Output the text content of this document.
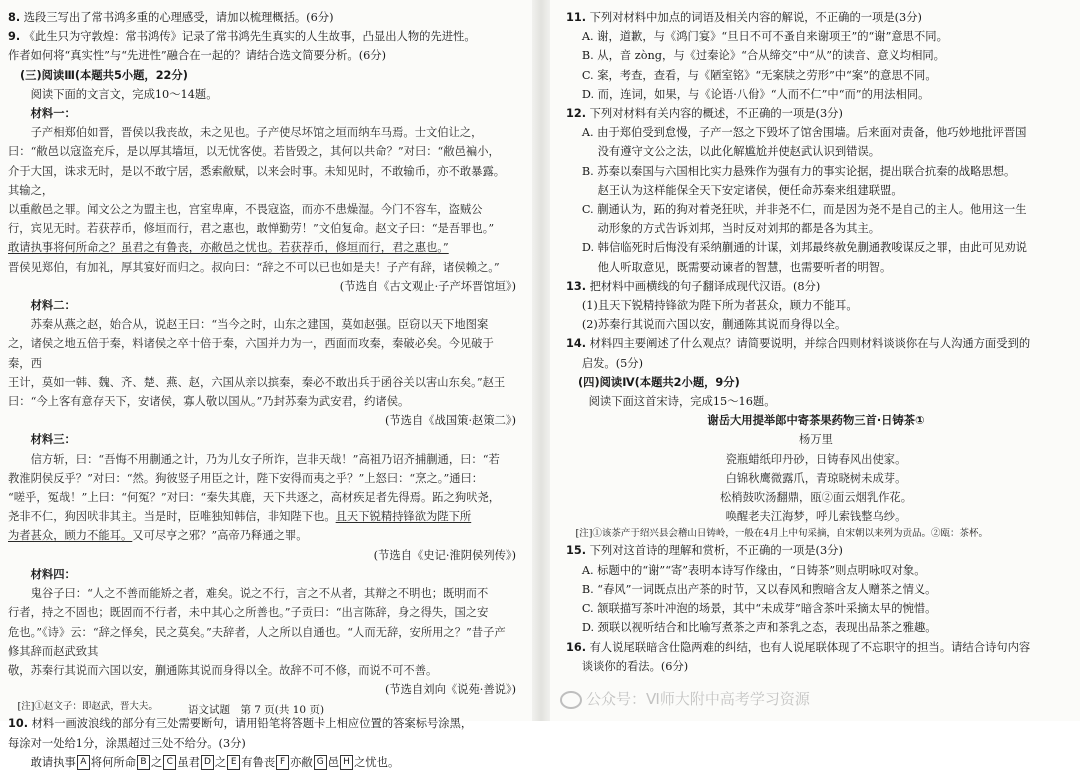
8. 选段三写出了常书鸿多重的心理感受，请加以梳理概括。(6分)

9. 《此生只为守敦煌：常书鸿传》记录了常书鸿先生真实的人生故事，凸显出人物的先进性。

作者如何将“真实性”与“先进性”融合在一起的？请结合选文简要分析。(6分)

(三)阅读Ⅲ(本题共5小题，22分)

阅读下面的文言文，完成10～14题。

材料一：

子产相郑伯如晋，晋侯以我丧故，未之见也。子产使尽坏馆之垣而纳车马焉。士文伯让之，

曰：“敝邑以寇盗充斥，是以厚其墙垣，以无忧客使。若皆毁之，其何以共命？”对曰：“敝邑褊小，

介于大国，诛求无时，是以不敢宁居，悉索敝赋，以来会时事。未知见时，不敢输币，亦不敢暴露。其输之，

以重敝邑之罪。闻文公之为盟主也，宫室卑庳，不畏寇盗，而亦不患燥湿。今门不容车，盗贼公

行，宾见无时。若获荐币，修垣而行，君之惠也，敢惮勤劳！”文伯复命。赵文子曰：“是吾罪也。”

敢请执事将何所命之？虽君之有鲁丧，亦敝邑之忧也。若获荐币，修垣而行，君之惠也。”

晋侯见郑伯，有加礼，厚其宴好而归之。叔向曰：“辞之不可以已也如是夫！子产有辞，诸侯赖之。”

(节选自《古文观止·子产坏晋馆垣》)

材料二：

苏秦从燕之赵，始合从，说赵王曰：“当今之时，山东之建国，莫如赵强。臣窃以天下地图案

之，诸侯之地五倍于秦，料诸侯之卒十倍于秦，六国并力为一，西面而攻秦，秦破必矣。今见破于秦，西

王计，莫如一韩、魏、齐、楚、燕、赵，六国从亲以摈秦，秦必不敢出兵于函谷关以害山东矣。”赵王

曰：“今上客有意存天下，安诸侯，寡人敬以国从。”乃封苏秦为武安君，约诸侯。

(节选自《战国策·赵策二》)

材料三：

信方斩，曰：“吾悔不用蒯通之计，乃为儿女子所诈，岂非天哉！”高祖乃诏齐捕蒯通，曰：“若

教淮阴侯反乎？”对曰：“然。狗彼竖子用臣之计，陛下安得而夷之乎？”上怒曰：“烹之。”通曰：

“嗟乎，冤哉！”上曰：“何冤？”对曰：“秦失其鹿，天下共逐之，高材疾足者先得焉。跖之狗吠尧，

尧非不仁，狗因吠非其主。当是时，臣唯独知韩信，非知陛下也。且天下锐精持锋欲为陛下所

为者甚众，顾力不能耳。又可尽亨之邪？”高帝乃释通之罪。

(节选自《史记·淮阴侯列传》)

材料四：

鬼谷子曰：“人之不善而能矫之者，难矣。说之不行，言之不从者，其辩之不明也；既明而不

行者，持之不固也；既固而不行者，未中其心之所善也。”子贡曰：“出言陈辞，身之得失，国之安

危也。”《诗》云：“辞之怿矣，民之莫矣。”夫辞者，人之所以自通也。“人而无辞，安所用之？”昔子产修其辞而赵武致其

敬，苏秦行其说而六国以安，蒯通陈其说而身得以全。故辞不可不修，而说不可不善。

(节选自刘向《说苑·善说》)

[注]①赵文子：即赵武，晋大夫。

10. 材料一画波浪线的部分有三处需要断句，请用铅笔将答题卡上相应位置的答案标号涂黑，

每涂对一处给1分，涂黑超过三处不给分。(3分)

敢请执事 A 将何所命 B 之 C 虽君 D 之 E 有鲁丧 F 亦敝 G 邑 H 之忧也。

11. 下列对材料中加点的词语及相关内容的解说，不正确的一项是(3分)

A. 谢，道歉，与《鸿门宴》“旦日不可不蚤自来谢项王”的“谢”意思不同。

B. 从，音 zòng，与《过秦论》“合从缔交”中“从”的读音、意义均相同。

C. 案，考查，查看，与《陋室铭》“无案牍之劳形”中“案”的意思不同。

D. 而，连词，如果，与《论语·八佾》“人而不仁”中“而”的用法相同。

12. 下列对材料有关内容的概述，不正确的一项是(3分)

A. 由于郑伯受到怠慢，子产一怒之下毁坏了馆舍围墙。后来面对责备，他巧妙地批评晋国

没有遵守文公之法，以此化解尴尬并使赵武认识到错误。

B. 苏秦以秦国与六国相比实力悬殊作为强有力的事实论据，提出联合抗秦的战略思想。

赵王认为这样能保全天下安定诸侯，便任命苏秦来组建联盟。

C. 蒯通认为，跖的狗对着尧狂吠，并非尧不仁，而是因为尧不是自己的主人。他用这一生

动形象的方式告诉刘邦，当时反对刘邦的都是各为其主。

D. 韩信临死时后悔没有采纳蒯通的计谋，刘邦最终赦免蒯通教唆谋反之罪，由此可见劝说

他人听取意见，既需要动谏者的智慧，也需要听者的明智。

13. 把材料中画横线的句子翻译成现代汉语。(8分)

(1)且天下锐精持锋欲为陛下所为者甚众，顾力不能耳。

(2)苏秦行其说而六国以安，蒯通陈其说而身得以全。

14. 材料四主要阐述了什么观点？请简要说明，并综合四则材料谈谈你在与人沟通方面受到的

启发。(5分)

(四)阅读Ⅳ(本题共2小题，9分)

阅读下面这首宋诗，完成15～16题。

谢岳大用提举郎中寄茶果药物三首·日铸茶①

杨万里

瓷瓶蜡纸印丹砂，日铸春风出使家。

白锦秋鹰微露爪，青琼晓树未成芽。

松梢鼓吹汤翻鼎，瓯②面云烟乳作花。

唤醒老夫江海梦，呼儿索钱整乌纱。

[注]①该茶产于绍兴县会稽山日铸岭，一般在4月上中旬采摘，自宋朝以来列为贡品。②瓯：茶杯。

15. 下列对这首诗的理解和赏析，不正确的一项是(3分)

A. 标题中的“谢”“寄”表明本诗写作缘由，“日铸茶”则点明咏叹对象。

B. “春风”一词既点出产茶的时节，又以春风和煦暗含友人赠茶之情义。

C. 颔联描写茶叶冲泡的场景，其中“未成芽”暗含茶叶采摘太早的惋惜。

D. 颈联以视听结合和比喻写煮茶之声和茶乳之态，表现出品茶之雅趣。

16. 有人说尾联暗含仕隐两难的纠结，也有人说尾联体现了不忘职守的担当。请结合诗句内容

谈谈你的看法。(6分)

语文试题　第 7 页(共 10 页)
公众号：Ⅵ师大附中高考学习资源
